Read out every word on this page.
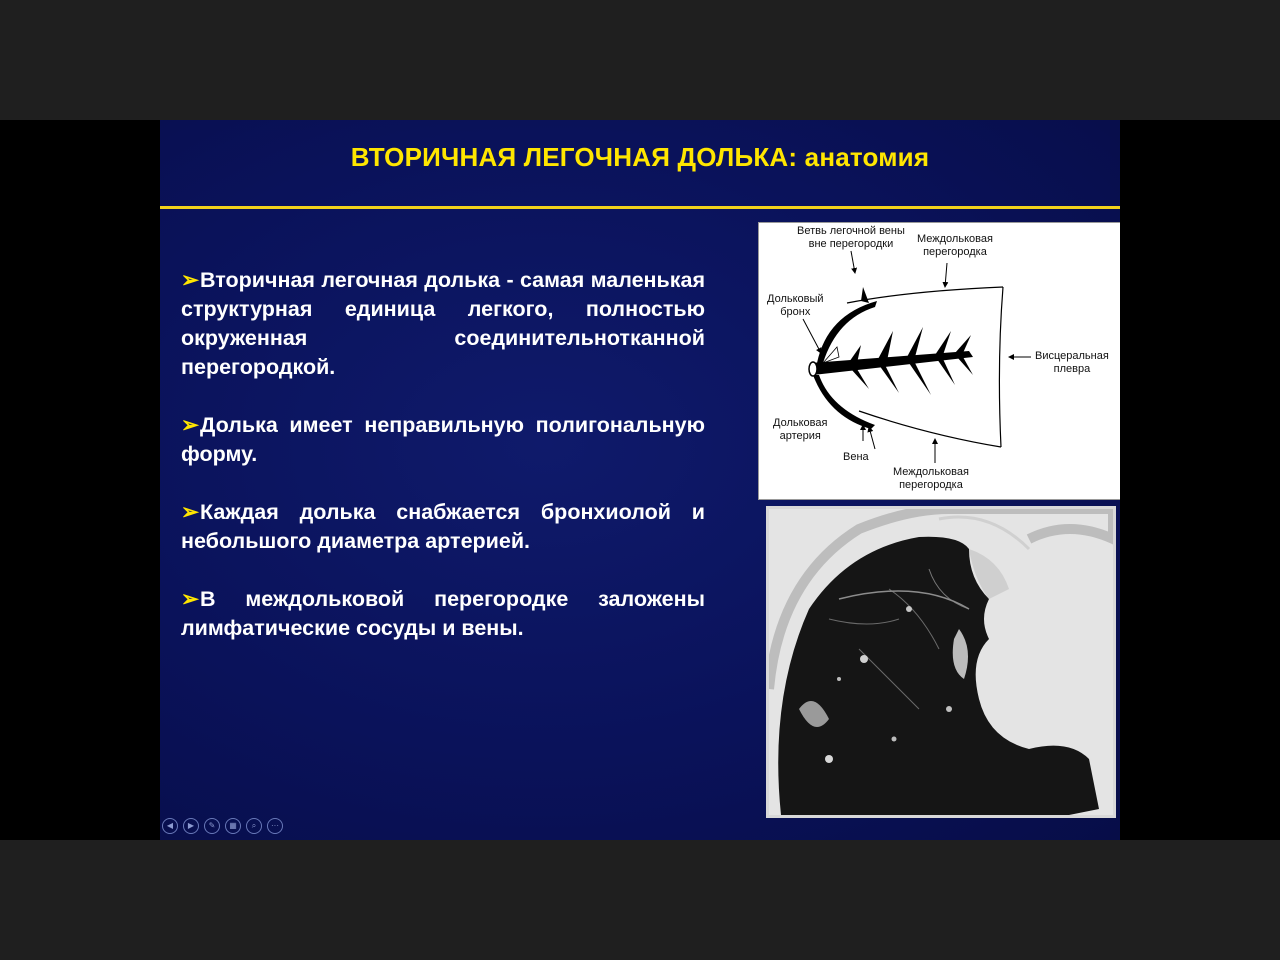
ВТОРИЧНАЯ ЛЕГОЧНАЯ ДОЛЬКА: анатомия
➢Вторичная легочная долька - самая маленькая структурная единица легкого, полностью окруженная соединительнотканной перегородкой.
➢Долька имеет неправильную полигональную форму.
➢Каждая долька снабжается бронхиолой и небольшого диаметра артерией.
➢В междольковой перегородке заложены лимфатические сосуды и вены.
Ветвь легочной вены
вне перегородки	Междольковая
перегородка
Дольковый
бронх
Висцеральная
плевра
Дольковая
артерия
Вена
Междольковая
перегородка
◀	▶	✎	▦	⌕	···
